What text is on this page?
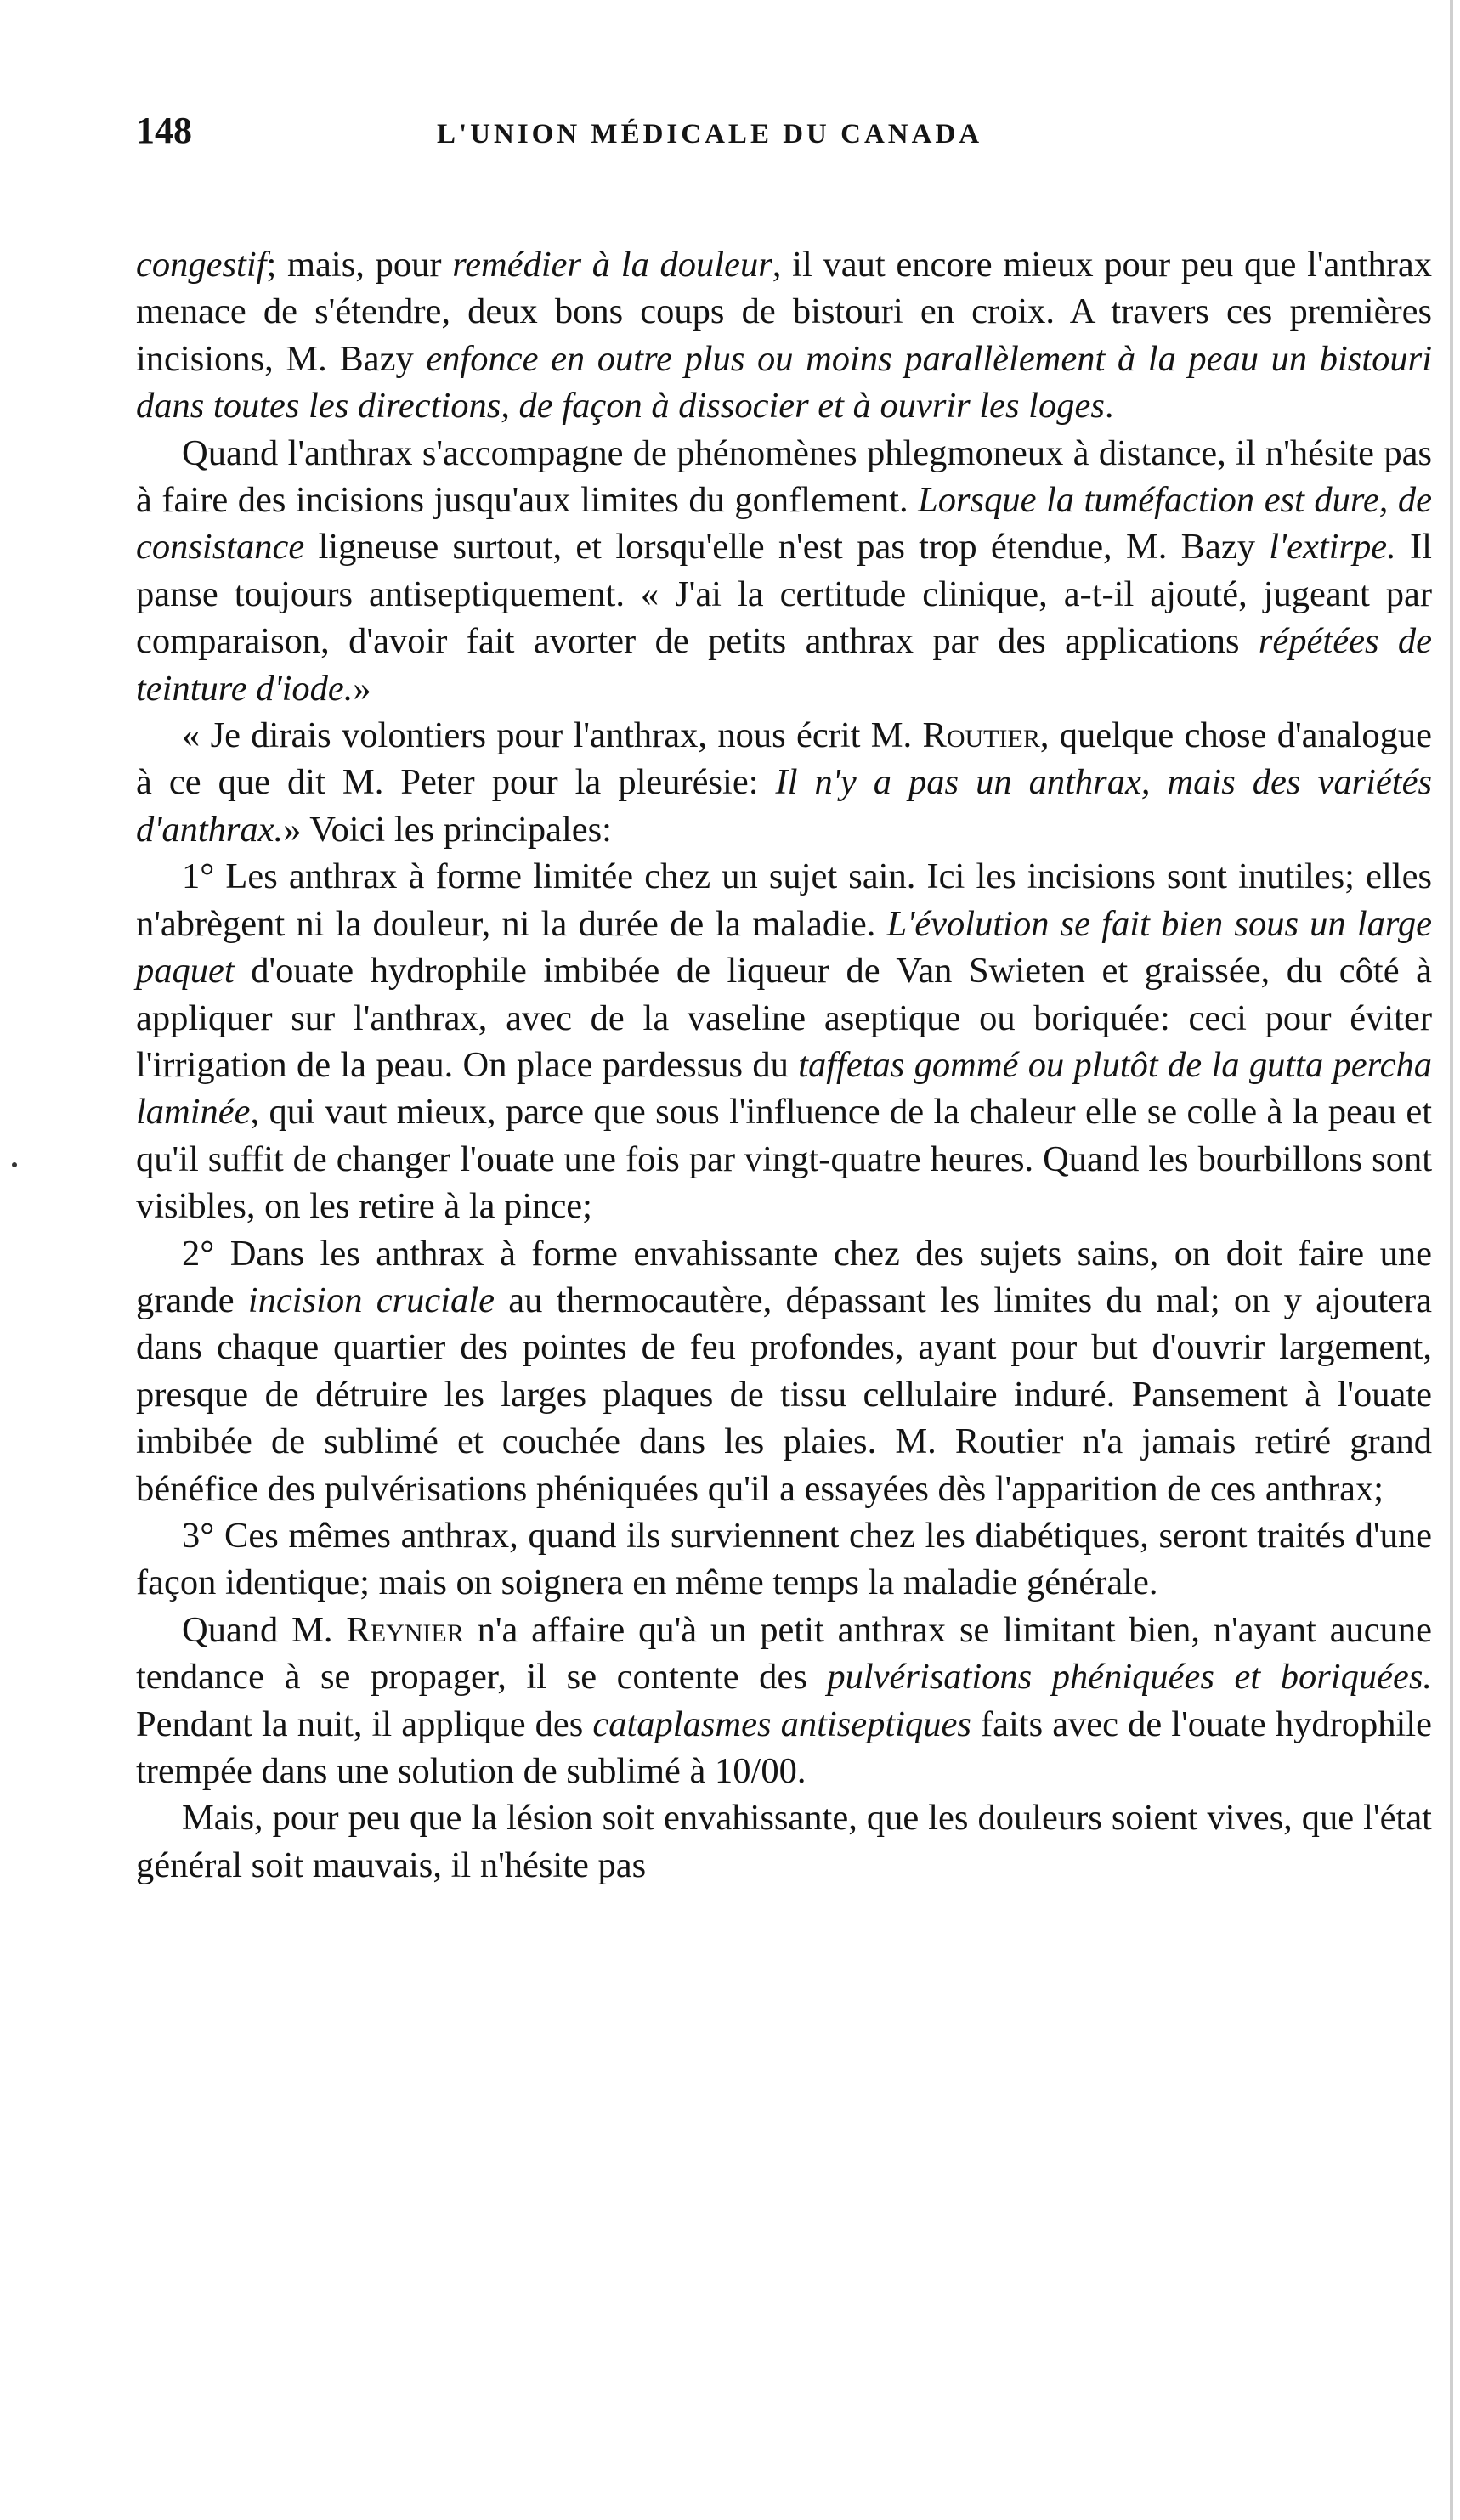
148	L'UNION MÉDICALE DU CANADA

congestif; mais, pour remédier à la douleur, il vaut encore mieux pour peu que l'anthrax menace de s'étendre, deux bons coups de bistouri en croix. A travers ces premières incisions, M. Bazy enfonce en outre plus ou moins parallèlement à la peau un bistouri dans toutes les directions, de façon à dissocier et à ouvrir les loges.

Quand l'anthrax s'accompagne de phénomènes phlegmoneux à distance, il n'hésite pas à faire des incisions jusqu'aux limites du gonflement. Lorsque la tuméfaction est dure, de consistance ligneuse surtout, et lorsqu'elle n'est pas trop étendue, M. Bazy l'extirpe. Il panse toujours antiseptiquement. « J'ai la certitude clinique, a-t-il ajouté, jugeant par comparaison, d'avoir fait avorter de petits anthrax par des applications répétées de teinture d'iode.»

« Je dirais volontiers pour l'anthrax, nous écrit M. Routier, quelque chose d'analogue à ce que dit M. Peter pour la pleurésie: Il n'y a pas un anthrax, mais des variétés d'anthrax.» Voici les principales:

1° Les anthrax à forme limitée chez un sujet sain. Ici les incisions sont inutiles; elles n'abrègent ni la douleur, ni la durée de la maladie. L'évolution se fait bien sous un large paquet d'ouate hydrophile imbibée de liqueur de Van Swieten et graissée, du côté à appliquer sur l'anthrax, avec de la vaseline aseptique ou boriquée: ceci pour éviter l'irrigation de la peau. On place pardessus du taffetas gommé ou plutôt de la gutta percha laminée, qui vaut mieux, parce que sous l'influence de la chaleur elle se colle à la peau et qu'il suffit de changer l'ouate une fois par vingt-quatre heures. Quand les bourbillons sont visibles, on les retire à la pince;

2° Dans les anthrax à forme envahissante chez des sujets sains, on doit faire une grande incision cruciale au thermocautère, dépassant les limites du mal; on y ajoutera dans chaque quartier des pointes de feu profondes, ayant pour but d'ouvrir largement, presque de détruire les larges plaques de tissu cellulaire induré. Pansement à l'ouate imbibée de sublimé et couchée dans les plaies. M. Routier n'a jamais retiré grand bénéfice des pulvérisations phéniquées qu'il a essayées dès l'apparition de ces anthrax;

3° Ces mêmes anthrax, quand ils surviennent chez les diabétiques, seront traités d'une façon identique; mais on soignera en même temps la maladie générale.

Quand M. Reynier n'a affaire qu'à un petit anthrax se limitant bien, n'ayant aucune tendance à se propager, il se contente des pulvérisations phéniquées et boriquées. Pendant la nuit, il applique des cataplasmes antiseptiques faits avec de l'ouate hydrophile trempée dans une solution de sublimé à 10/00.

Mais, pour peu que la lésion soit envahissante, que les douleurs soient vives, que l'état général soit mauvais, il n'hésite pas
